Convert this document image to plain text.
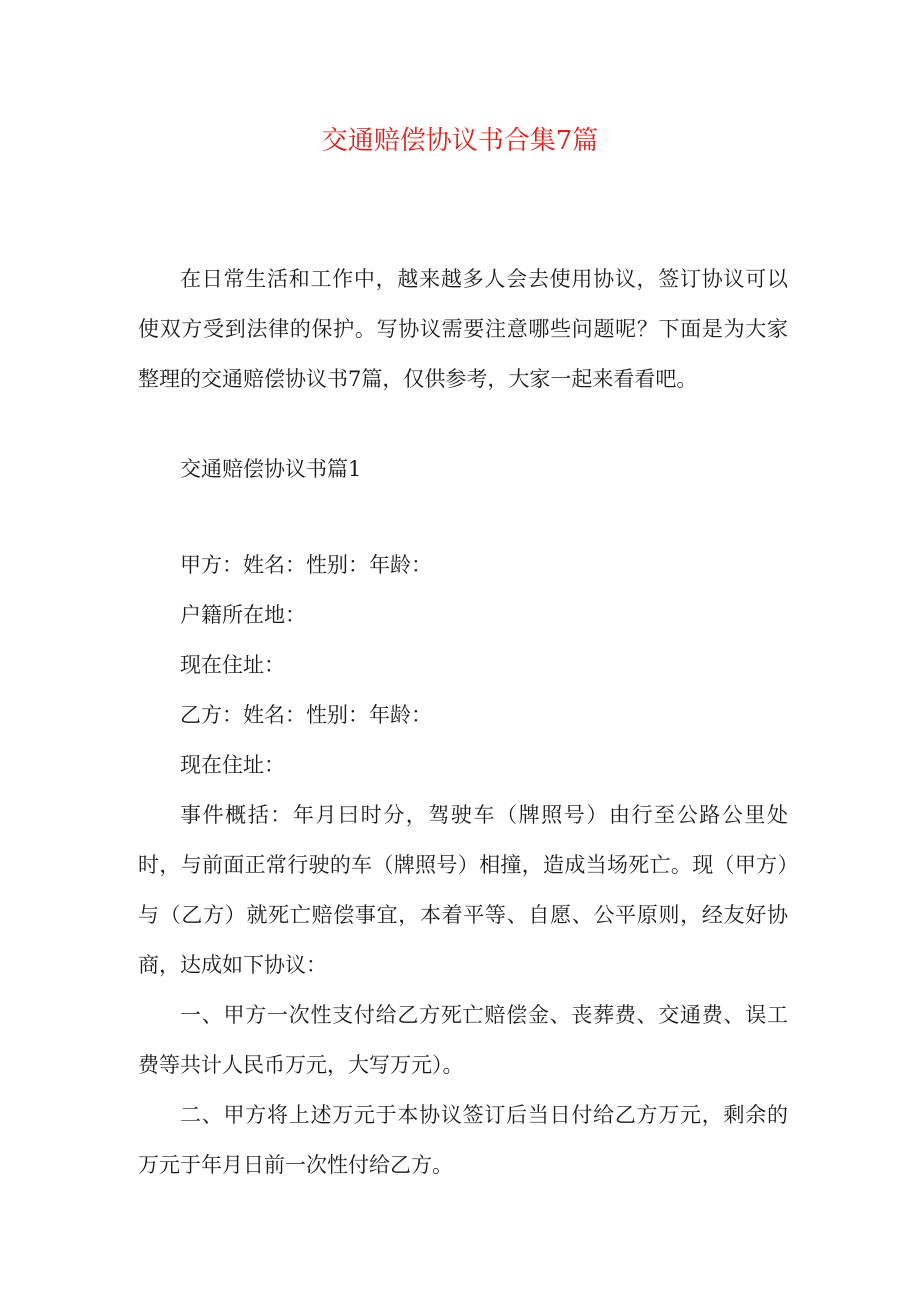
交通赔偿协议书合集7篇

在日常生活和工作中，越来越多人会去使用协议，签订协议可以使双方受到法律的保护。写协议需要注意哪些问题呢？下面是为大家整理的交通赔偿协议书7篇，仅供参考，大家一起来看看吧。

交通赔偿协议书篇1

甲方：姓名：性别：年龄：

户籍所在地：

现在住址：

乙方：姓名：性别：年龄：

现在住址：

事件概括：年月曰时分，驾驶车（牌照号）由行至公路公里处时，与前面正常行驶的车（牌照号）相撞，造成当场死亡。现（甲方）与（乙方）就死亡赔偿事宜，本着平等、自愿、公平原则，经友好协商，达成如下协议：

一、甲方一次性支付给乙方死亡赔偿金、丧葬费、交通费、误工费等共计人民币万元，大写万元）。

二、甲方将上述万元于本协议签订后当日付给乙方万元，剩余的万元于年月日前一次性付给乙方。
